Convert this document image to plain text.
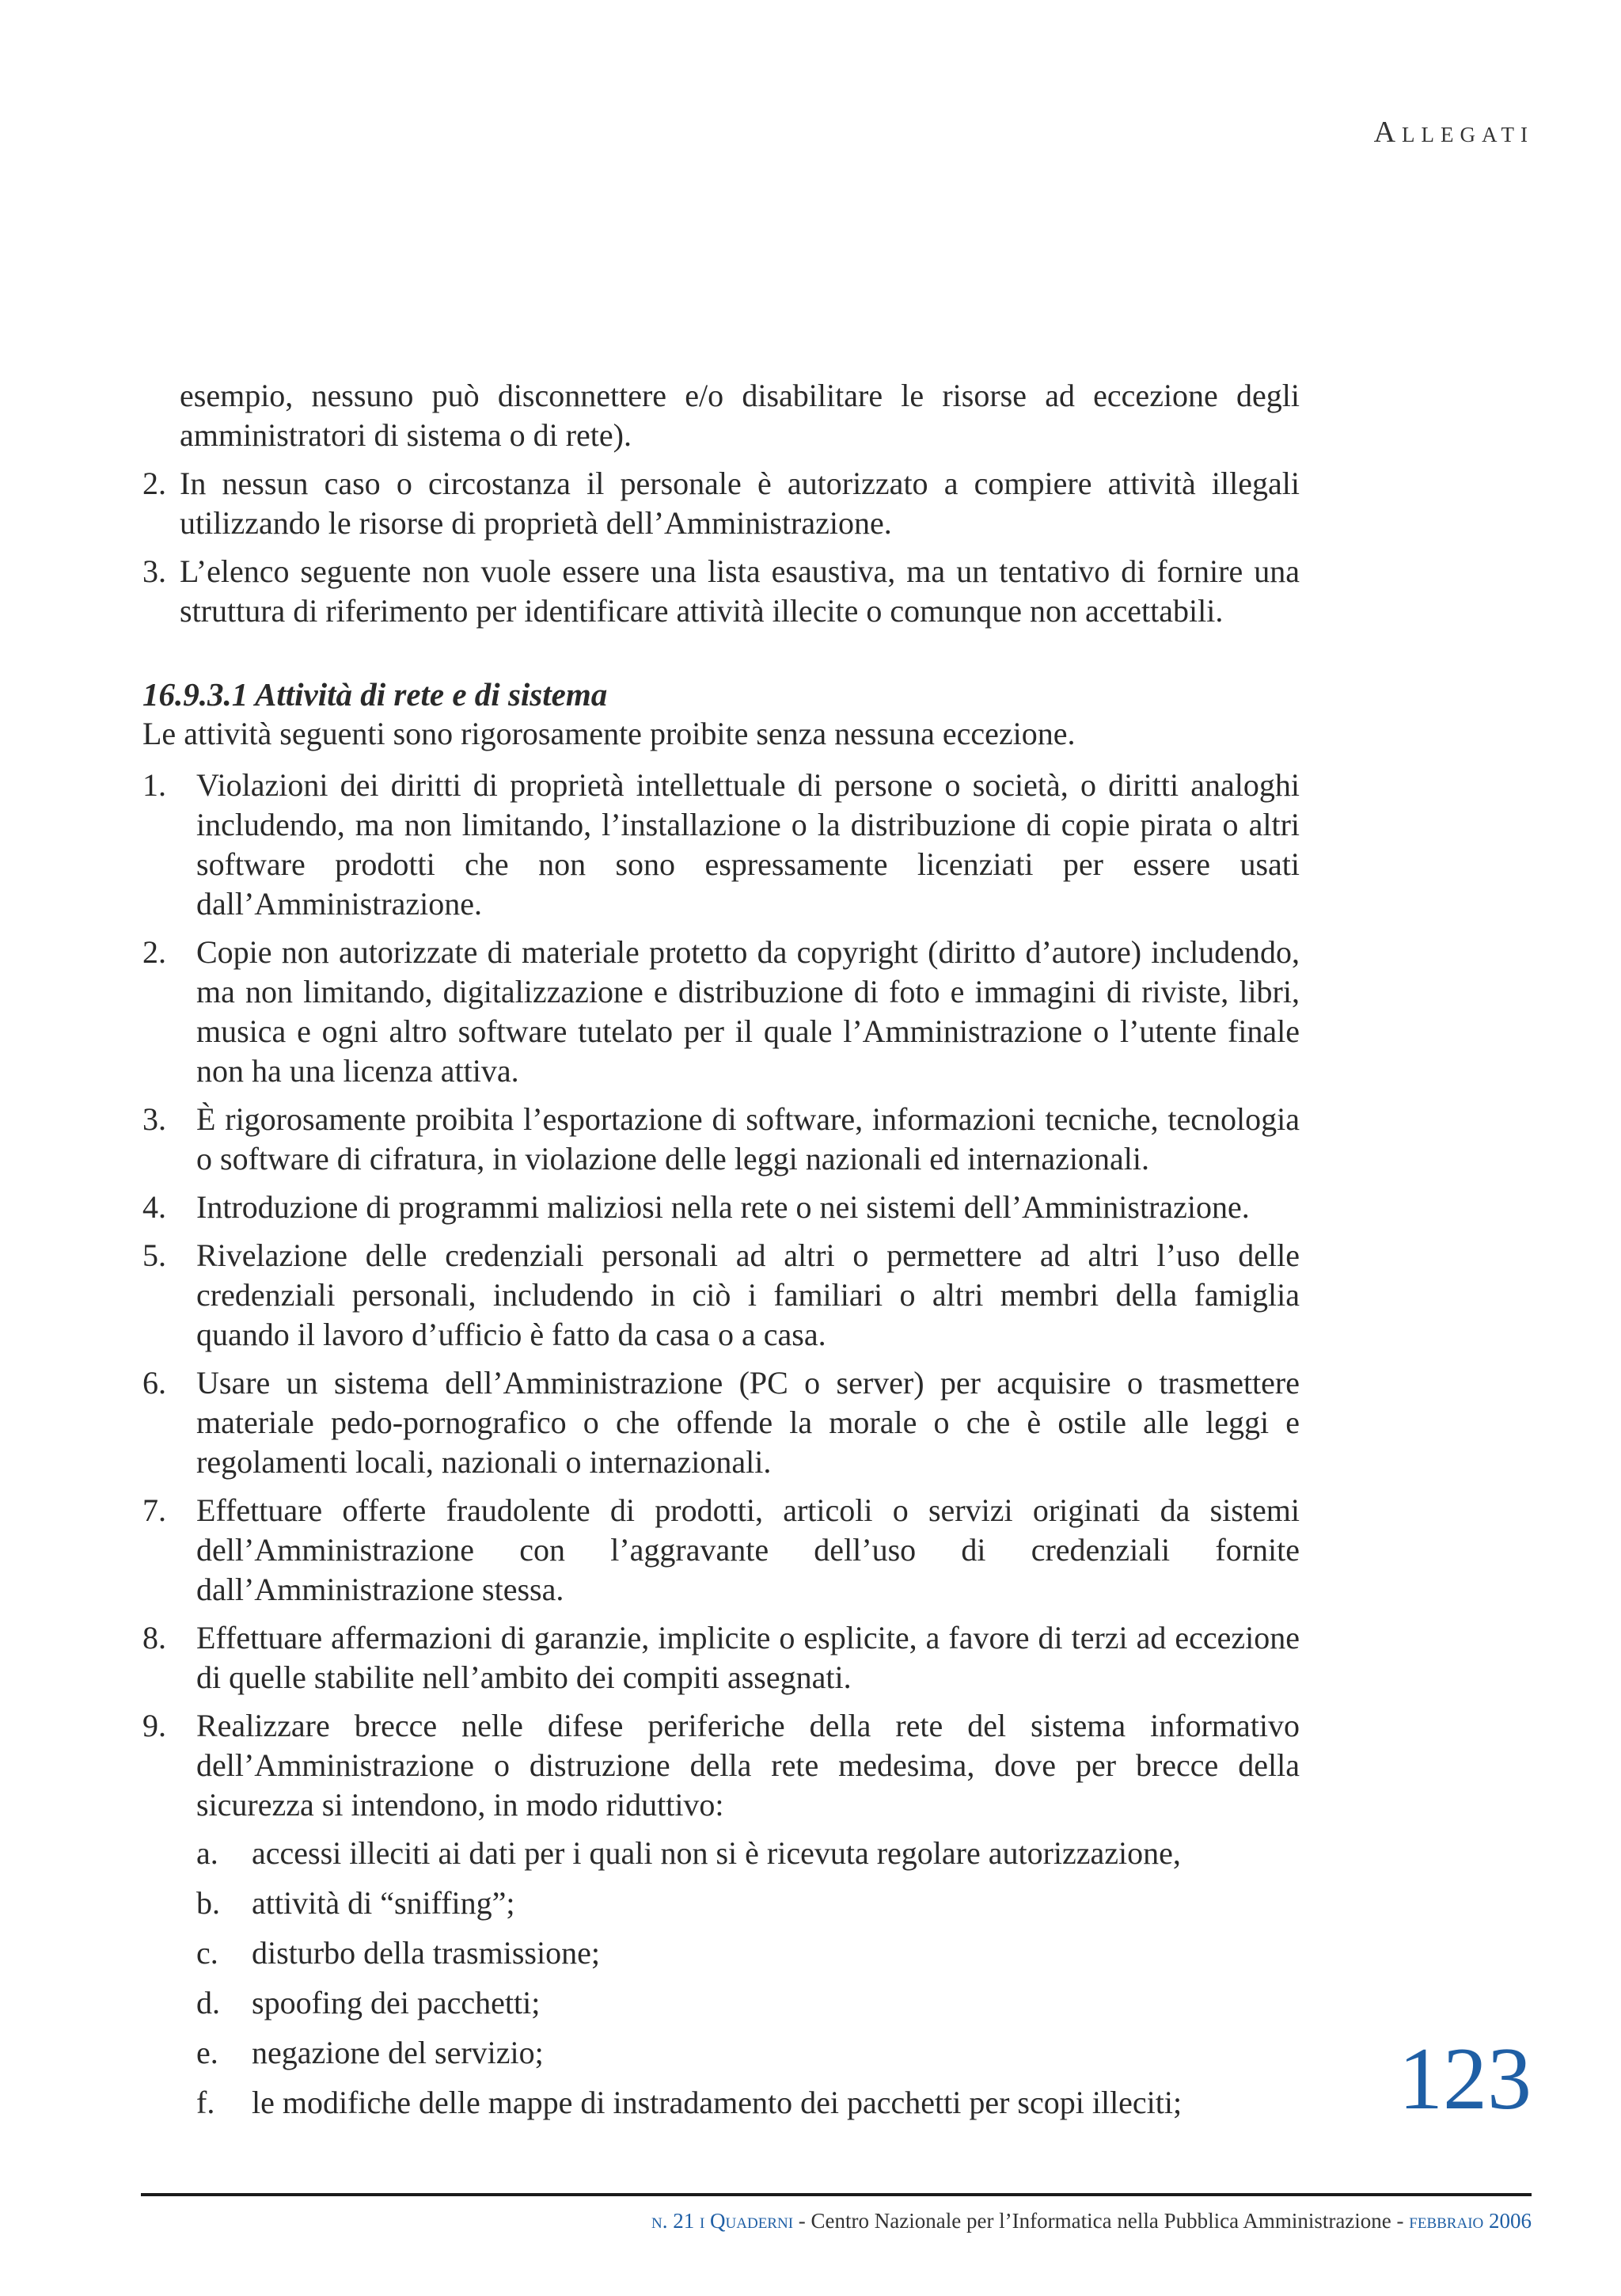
Allegati
esempio, nessuno può disconnettere e/o disabilitare le risorse ad eccezione degli amministratori di sistema o di rete).
2. In nessun caso o circostanza il personale è autorizzato a compiere attività illegali utilizzando le risorse di proprietà dell’Amministrazione.
3. L’elenco seguente non vuole essere una lista esaustiva, ma un tentativo di fornire una struttura di riferimento per identificare attività illecite o comunque non accettabili.
16.9.3.1 Attività di rete e di sistema
Le attività seguenti sono rigorosamente proibite senza nessuna eccezione.
1. Violazioni dei diritti di proprietà intellettuale di persone o società, o diritti analoghi includendo, ma non limitando, l’installazione o la distribuzione di copie pirata o altri software prodotti che non sono espressamente licenziati per essere usati dall’Amministrazione.
2. Copie non autorizzate di materiale protetto da copyright (diritto d’autore) includendo, ma non limitando, digitalizzazione e distribuzione di foto e immagini di riviste, libri, musica e ogni altro software tutelato per il quale l’Amministrazione o l’utente finale non ha una licenza attiva.
3. È rigorosamente proibita l’esportazione di software, informazioni tecniche, tecnologia o software di cifratura, in violazione delle leggi nazionali ed internazionali.
4. Introduzione di programmi maliziosi nella rete o nei sistemi dell’Amministrazione.
5. Rivelazione delle credenziali personali ad altri o permettere ad altri l’uso delle credenziali personali, includendo in ciò i familiari o altri membri della famiglia quando il lavoro d’ufficio è fatto da casa o a casa.
6. Usare un sistema dell’Amministrazione (PC o server) per acquisire o trasmettere materiale pedo-pornografico o che offende la morale o che è ostile alle leggi e regolamenti locali, nazionali o internazionali.
7. Effettuare offerte fraudolente di prodotti, articoli o servizi originati da sistemi dell’Amministrazione con l’aggravante dell’uso di credenziali fornite dall’Amministrazione stessa.
8. Effettuare affermazioni di garanzie, implicite o esplicite, a favore di terzi ad eccezione di quelle stabilite nell’ambito dei compiti assegnati.
9. Realizzare brecce nelle difese periferiche della rete del sistema informativo dell’Amministrazione o distruzione della rete medesima, dove per brecce della sicurezza si intendono, in modo riduttivo:
a.	accessi illeciti ai dati per i quali non si è ricevuta regolare autorizzazione,
b.	attività di “sniffing”;
c.	disturbo della trasmissione;
d.	spoofing dei pacchetti;
e.	negazione del servizio;
f.	le modifiche delle mappe di instradamento dei pacchetti per scopi illeciti;	123
n. 21 i Quaderni - Centro Nazionale per l’Informatica nella Pubblica Amministrazione - febbraio 2006
